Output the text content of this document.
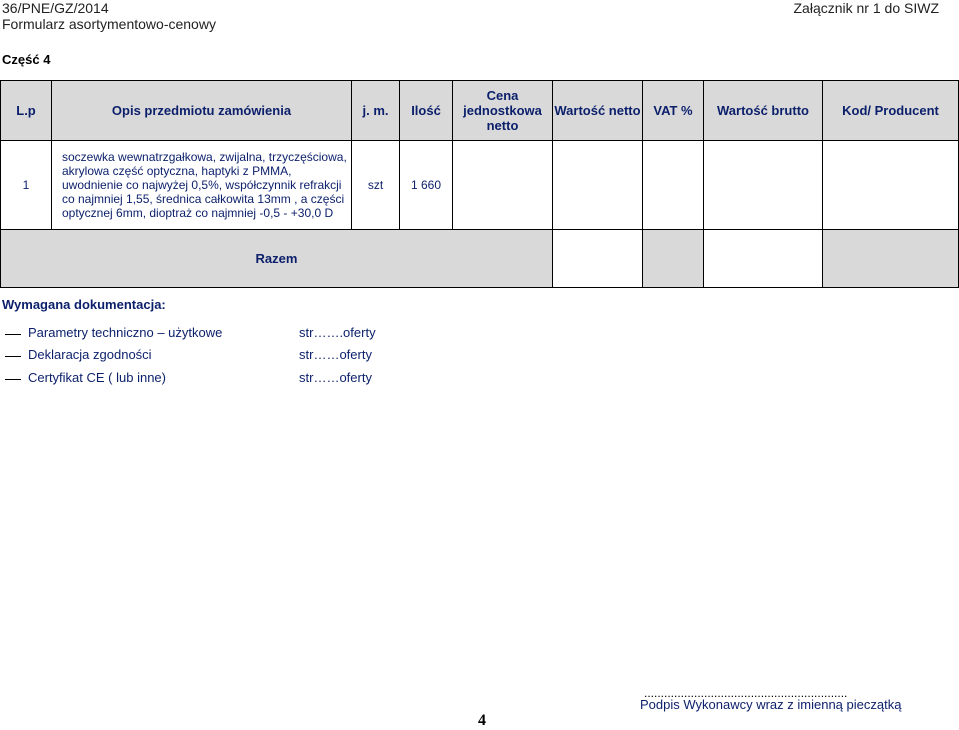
36/PNE/GZ/2014
Formularz asortymentowo-cenowy
Załącznik nr 1 do SIWZ
Część 4
L.p	Opis przedmiotu zamówienia	j. m.	Ilość	Cena jednostkowa netto	Wartość netto	VAT %	Wartość brutto	Kod/ Producent
1	soczewka wewnatrzgałkowa, zwijalna, trzyczęściowa, akrylowa część optyczna, haptyki z PMMA, uwodnienie co najwyżej 0,5%, współczynnik refrakcji co najmniej 1,55, średnica całkowita 13mm , a części optycznej 6mm, dioptraż co najmniej -0,5 - +30,0 D	szt	1 660					
Razem								
Wymagana dokumentacja:
Parametry techniczno – użytkowe	str…….oferty
Deklaracja zgodności	str……oferty
Certyfikat CE ( lub inne)	str……oferty
.............................................................
Podpis Wykonawcy wraz z imienną pieczątką
4
